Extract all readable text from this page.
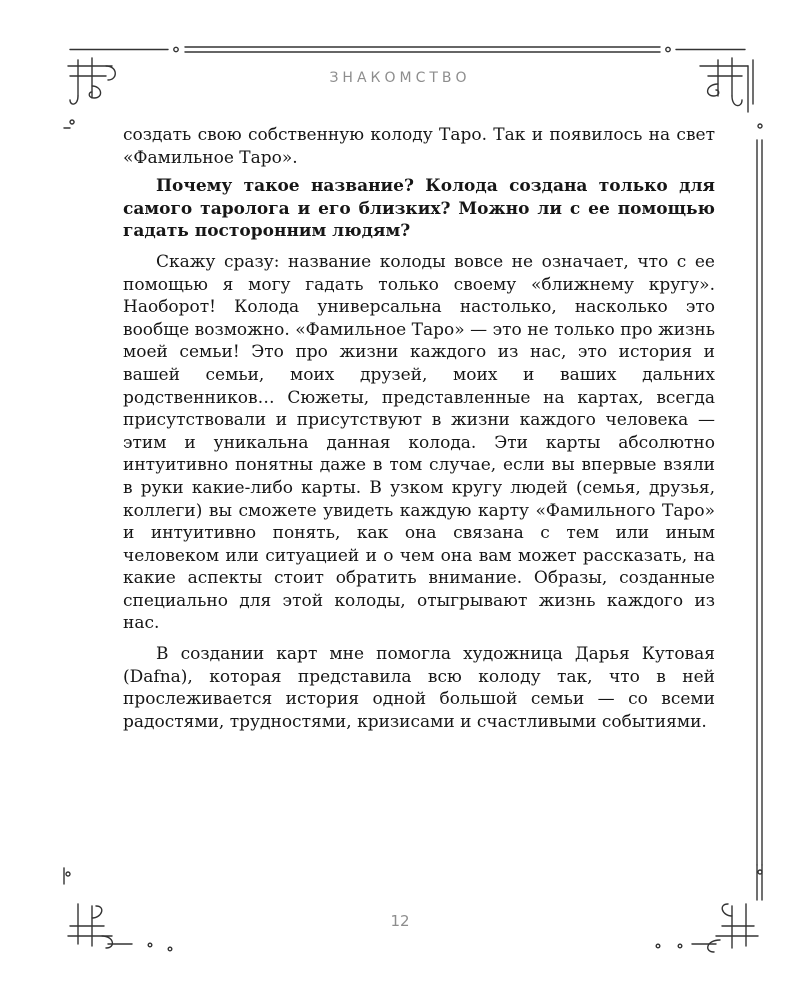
ЗНАКОМСТВО

создать свою собственную колоду Таро. Так и появилось на свет «Фамильное Таро».

Почему такое название? Колода создана только для самого таролога и его близких? Можно ли с ее помощью гадать посторонним людям?

Скажу сразу: название колоды вовсе не означает, что с ее помощью я могу гадать только своему «ближнему кругу». Наоборот! Колода универсальна настолько, насколько это вообще возможно. «Фамильное Таро» — это не только про жизнь моей семьи! Это про жизни каждого из нас, это история и вашей семьи, моих друзей, моих и ваших дальних родственников… Сюжеты, представленные на картах, всегда присутствовали и присутствуют в жизни каждого человека — этим и уникальна данная колода. Эти карты абсолютно интуитивно понятны даже в том случае, если вы впервые взяли в руки какие-либо карты. В узком кругу людей (семья, друзья, коллеги) вы сможете увидеть каждую карту «Фамильного Таро» и интуитивно понять, как она связана с тем или иным человеком или ситуацией и о чем она вам может рассказать, на какие аспекты стоит обратить внимание. Образы, созданные специально для этой колоды, отыгрывают жизнь каждого из нас.

В создании карт мне помогла художница Дарья Кутовая (Dafna), которая представила всю колоду так, что в ней прослеживается история одной большой семьи — со всеми радостями, трудностями, кризисами и счастливыми событиями.

12
